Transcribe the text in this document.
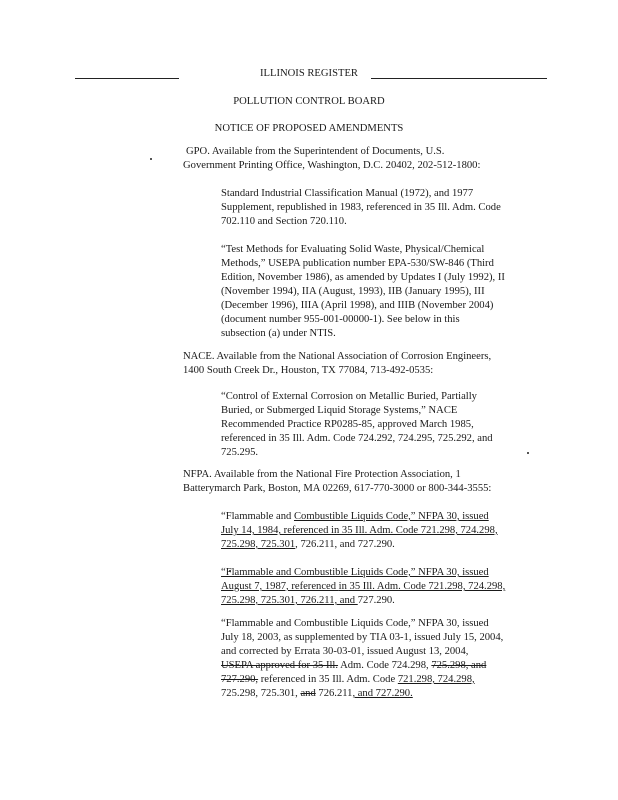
ILLINOIS REGISTER
POLLUTION CONTROL BOARD
NOTICE OF PROPOSED AMENDMENTS
GPO. Available from the Superintendent of Documents, U.S.
Government Printing Office, Washington, D.C. 20402, 202-512-1800:
Standard Industrial Classification Manual (1972), and 1977
Supplement, republished in 1983, referenced in 35 Ill. Adm. Code
702.110 and Section 720.110.
“Test Methods for Evaluating Solid Waste, Physical/Chemical
Methods,” USEPA publication number EPA-530/SW-846 (Third
Edition, November 1986), as amended by Updates I (July 1992), II
(November 1994), IIA (August, 1993), IIB (January 1995), III
(December 1996), IIIA (April 1998), and IIIB (November 2004)
(document number 955-001-00000-1). See below in this
subsection (a) under NTIS.
NACE. Available from the National Association of Corrosion Engineers,
1400 South Creek Dr., Houston, TX 77084, 713-492-0535:
“Control of External Corrosion on Metallic Buried, Partially
Buried, or Submerged Liquid Storage Systems,” NACE
Recommended Practice RP0285-85, approved March 1985,
referenced in 35 Ill. Adm. Code 724.292, 724.295, 725.292, and
725.295.
NFPA. Available from the National Fire Protection Association, 1
Batterymarch Park, Boston, MA 02269, 617-770-3000 or 800-344-3555:
“Flammable and Combustible Liquids Code,” NFPA 30, issued
July 14, 1984, referenced in 35 Ill. Adm. Code 721.298, 724.298,
725.298, 725.301, 726.211, and 727.290.
“Flammable and Combustible Liquids Code,” NFPA 30, issued
August 7, 1987, referenced in 35 Ill. Adm. Code 721.298, 724.298,
725.298, 725.301, 726.211, and 727.290.
“Flammable and Combustible Liquids Code,” NFPA 30, issued
July 18, 2003, as supplemented by TIA 03-1, issued July 15, 2004,
and corrected by Errata 30-03-01, issued August 13, 2004,
USEPA approved for 35 Ill. Adm. Code 724.298, 725.298, and
727.290, referenced in 35 Ill. Adm. Code 721.298, 724.298,
725.298, 725.301, and 726.211, and 727.290.
